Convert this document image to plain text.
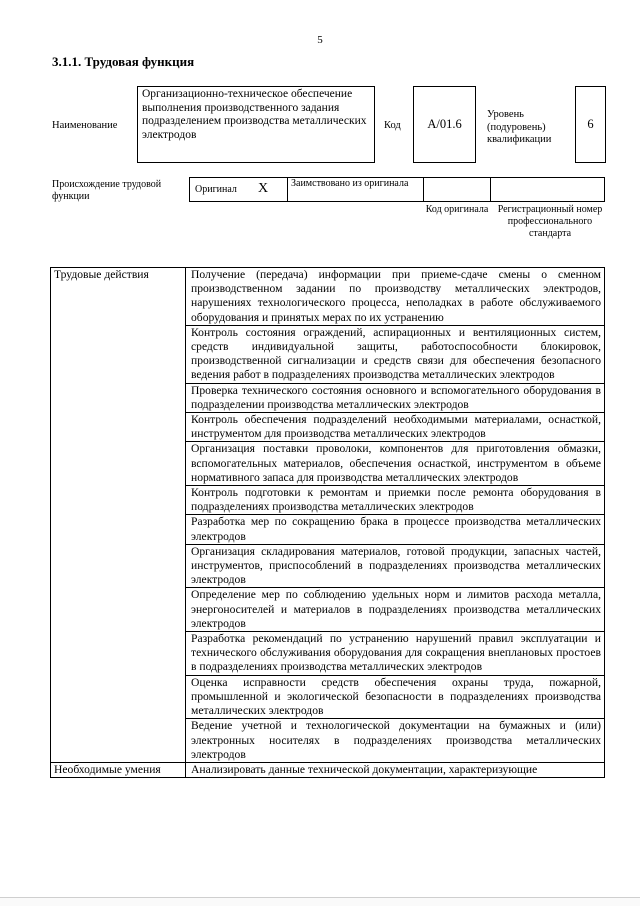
5
3.1.1. Трудовая функция
Наименование
Организационно-техническое обеспечение выполнения производственного задания подразделением производства металлических электродов
Код	А/01.6
Уровень (подуровень) квалификации
6
Происхождение трудовой функции
Оригинал X Заимствовано из оригинала
Код оригинала Регистрационный номер профессионального стандарта
Трудовые действия	Получение (передача) информации при приеме-сдаче смены о сменном производственном задании по производству металлических электродов, нарушениях технологического процесса, неполадках в работе обслуживаемого оборудования и принятых мерах по их устранению
	Контроль состояния ограждений, аспирационных и вентиляционных систем, средств индивидуальной защиты, работоспособности блокировок, производственной сигнализации и средств связи для обеспечения безопасного ведения работ в подразделениях производства металлических электродов
	Проверка технического состояния основного и вспомогательного оборудования в подразделении производства металлических электродов
	Контроль обеспечения подразделений необходимыми материалами, оснасткой, инструментом для производства металлических электродов
	Организация поставки проволоки, компонентов для приготовления обмазки, вспомогательных материалов, обеспечения оснасткой, инструментом в объеме нормативного запаса для производства металлических электродов
	Контроль подготовки к ремонтам и приемки после ремонта оборудования в подразделениях производства металлических электродов
	Разработка мер по сокращению брака в процессе производства металлических электродов
	Организация складирования материалов, готовой продукции, запасных частей, инструментов, приспособлений в подразделениях производства металлических электродов
	Определение мер по соблюдению удельных норм и лимитов расхода металла, энергоносителей и материалов в подразделениях производства металлических электродов
	Разработка рекомендаций по устранению нарушений правил эксплуатации и технического обслуживания оборудования для сокращения внеплановых простоев в подразделениях производства металлических электродов
	Оценка исправности средств обеспечения охраны труда, пожарной, промышленной и экологической безопасности в подразделениях производства металлических электродов
	Ведение учетной и технологической документации на бумажных и (или) электронных носителях в подразделениях производства металлических электродов
Необходимые умения	Анализировать данные технической документации, характеризующие
